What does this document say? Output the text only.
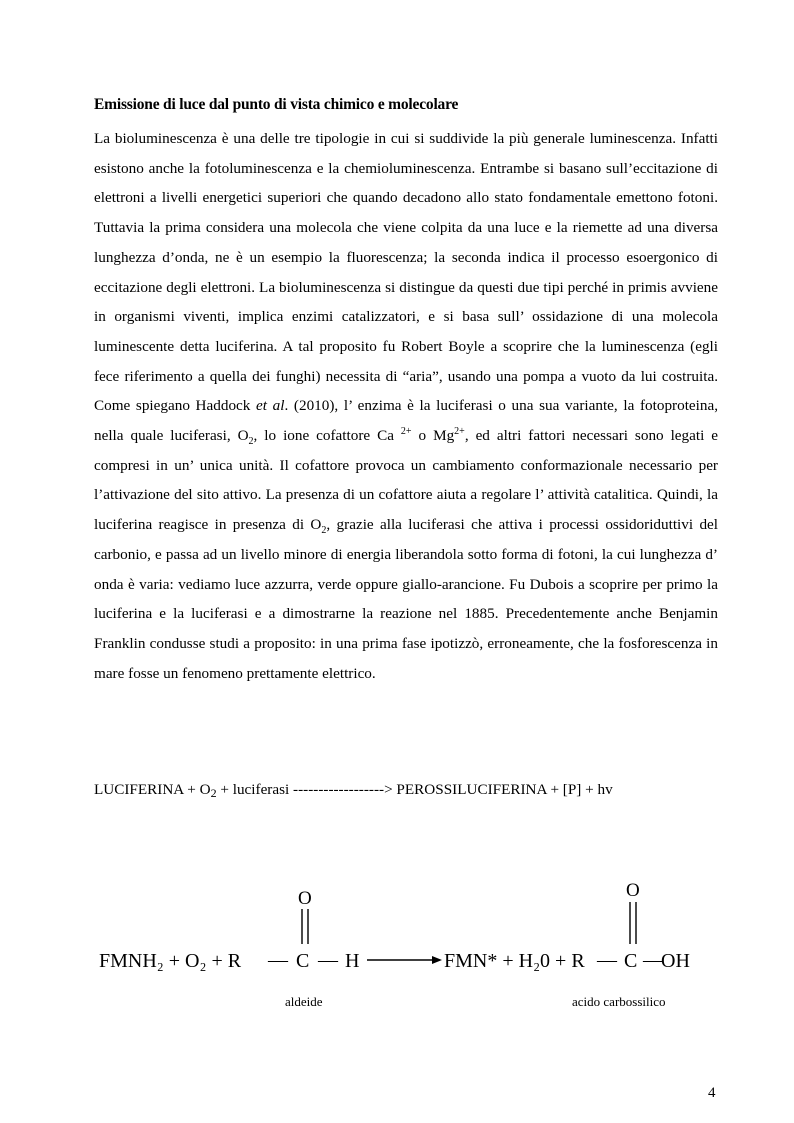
Emissione di luce dal punto di vista chimico e molecolare
La bioluminescenza è una delle tre tipologie in cui si suddivide la più generale luminescenza. Infatti esistono anche la fotoluminescenza e la chemioluminescenza. Entrambe si basano sull’eccitazione di elettroni a livelli energetici superiori che quando decadono allo stato fondamentale emettono fotoni. Tuttavia la prima considera una molecola che viene colpita da una luce e la riemette ad una diversa lunghezza d’onda, ne è un esempio la fluorescenza; la seconda indica il processo esoergonico di eccitazione degli elettroni. La bioluminescenza si distingue da questi due tipi perché in primis avviene in organismi viventi, implica enzimi catalizzatori, e si basa sull’ ossidazione di una molecola luminescente detta luciferina. A tal proposito fu Robert Boyle a scoprire che la luminescenza (egli fece riferimento a quella dei funghi) necessita di “aria”, usando una pompa a vuoto da lui costruita. Come spiegano Haddock et al. (2010), l’ enzima è la luciferasi o una sua variante, la fotoproteina, nella quale luciferasi, $O_2$, lo ione cofattore Ca $^{2+}$ o $Mg^{2+}$, ed altri fattori necessari sono legati e compresi in un’ unica unità. Il cofattore provoca un cambiamento conformazionale necessario per l’attivazione del sito attivo. La presenza di un cofattore aiuta a regolare l’ attività catalitica. Quindi, la luciferina reagisce in presenza di $O_2$, grazie alla luciferasi che attiva i processi ossidoriduttivi del carbonio, e passa ad un livello minore di energia liberandola sotto forma di fotoni, la cui lunghezza d’ onda è varia: vediamo luce azzurra, verde oppure giallo-arancione. Fu Dubois a scoprire per primo la luciferina e la luciferasi e a dimostrarne la reazione nel 1885. Precedentemente anche Benjamin Franklin condusse studi a proposito: in una prima fase ipotizzò, erroneamente, che la fosforescenza in mare fosse un fenomeno prettamente elettrico.
LUCIFERINA + O2 + luciferasi ------------------> PEROSSILUCIFERINA + [P] + hv
FMNH₂ + O₂ + R — C — H
O
FMN* + H₂0 + R — C —
OH
O
aldeide	acido carbossilico
4
